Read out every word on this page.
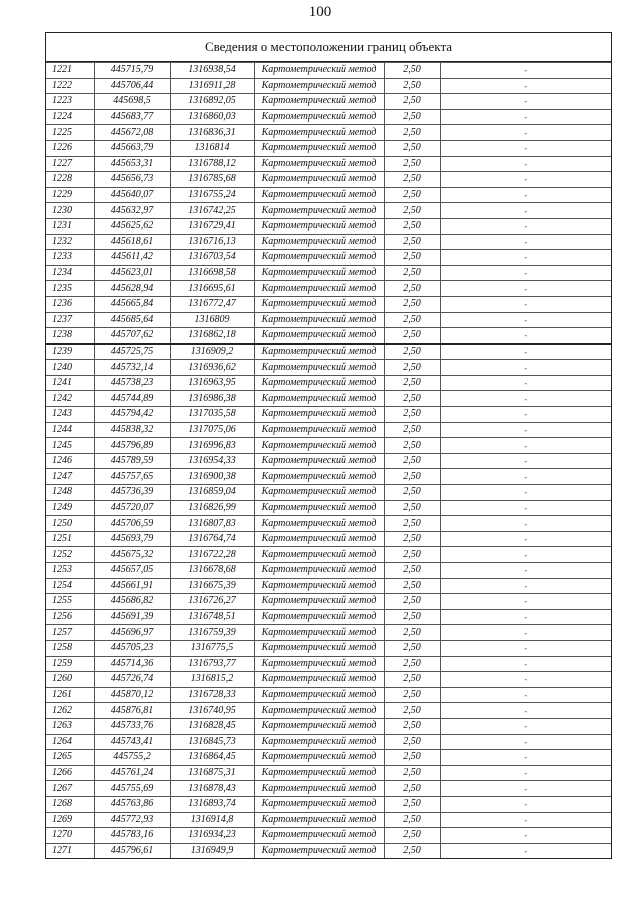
100
Сведения о местоположении границ объекта
1221	445715,79	1316938,54	Картометрический метод	2,50	-
1222	445706,44	1316911,28	Картометрический метод	2,50	-
1223	445698,5	1316892,05	Картометрический метод	2,50	-
1224	445683,77	1316860,03	Картометрический метод	2,50	-
1225	445672,08	1316836,31	Картометрический метод	2,50	-
1226	445663,79	1316814	Картометрический метод	2,50	-
1227	445653,31	1316788,12	Картометрический метод	2,50	-
1228	445656,73	1316785,68	Картометрический метод	2,50	-
1229	445640,07	1316755,24	Картометрический метод	2,50	-
1230	445632,97	1316742,25	Картометрический метод	2,50	-
1231	445625,62	1316729,41	Картометрический метод	2,50	-
1232	445618,61	1316716,13	Картометрический метод	2,50	-
1233	445611,42	1316703,54	Картометрический метод	2,50	-
1234	445623,01	1316698,58	Картометрический метод	2,50	-
1235	445628,94	1316695,61	Картометрический метод	2,50	-
1236	445665,84	1316772,47	Картометрический метод	2,50	-
1237	445685,64	1316809	Картометрический метод	2,50	-
1238	445707,62	1316862,18	Картометрический метод	2,50	-
1239	445725,75	1316909,2	Картометрический метод	2,50	-
1240	445732,14	1316936,62	Картометрический метод	2,50	-
1241	445738,23	1316963,95	Картометрический метод	2,50	-
1242	445744,89	1316986,38	Картометрический метод	2,50	-
1243	445794,42	1317035,58	Картометрический метод	2,50	-
1244	445838,32	1317075,06	Картометрический метод	2,50	-
1245	445796,89	1316996,83	Картометрический метод	2,50	-
1246	445789,59	1316954,33	Картометрический метод	2,50	-
1247	445757,65	1316900,38	Картометрический метод	2,50	-
1248	445736,39	1316859,04	Картометрический метод	2,50	-
1249	445720,07	1316826,99	Картометрический метод	2,50	-
1250	445706,59	1316807,83	Картометрический метод	2,50	-
1251	445693,79	1316764,74	Картометрический метод	2,50	-
1252	445675,32	1316722,28	Картометрический метод	2,50	-
1253	445657,05	1316678,68	Картометрический метод	2,50	-
1254	445661,91	1316675,39	Картометрический метод	2,50	-
1255	445686,82	1316726,27	Картометрический метод	2,50	-
1256	445691,39	1316748,51	Картометрический метод	2,50	-
1257	445696,97	1316759,39	Картометрический метод	2,50	-
1258	445705,23	1316775,5	Картометрический метод	2,50	-
1259	445714,36	1316793,77	Картометрический метод	2,50	-
1260	445726,74	1316815,2	Картометрический метод	2,50	-
1261	445870,12	1316728,33	Картометрический метод	2,50	-
1262	445876,81	1316740,95	Картометрический метод	2,50	-
1263	445733,76	1316828,45	Картометрический метод	2,50	-
1264	445743,41	1316845,73	Картометрический метод	2,50	-
1265	445755,2	1316864,45	Картометрический метод	2,50	-
1266	445761,24	1316875,31	Картометрический метод	2,50	-
1267	445755,69	1316878,43	Картометрический метод	2,50	-
1268	445763,86	1316893,74	Картометрический метод	2,50	-
1269	445772,93	1316914,8	Картометрический метод	2,50	-
1270	445783,16	1316934,23	Картометрический метод	2,50	-
1271	445796,61	1316949,9	Картометрический метод	2,50	-
